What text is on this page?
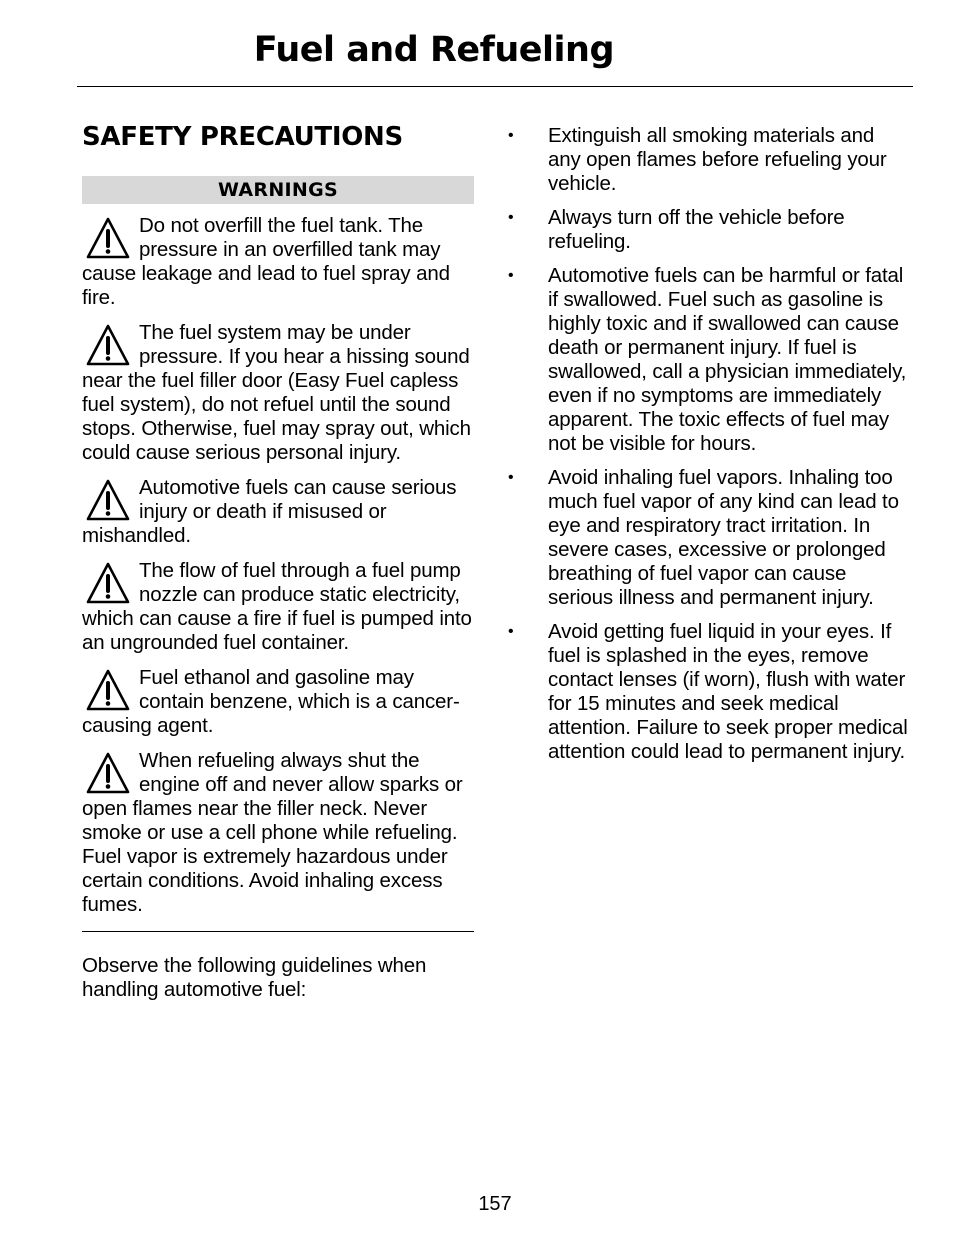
Fuel and Refueling
SAFETY PRECAUTIONS
WARNINGS
Do not overfill the fuel tank. The pressure in an overfilled tank may cause leakage and lead to fuel spray and fire.
The fuel system may be under pressure. If you hear a hissing sound near the fuel filler door (Easy Fuel capless fuel system), do not refuel until the sound stops. Otherwise, fuel may spray out, which could cause serious personal injury.
Automotive fuels can cause serious injury or death if misused or mishandled.
The flow of fuel through a fuel pump nozzle can produce static electricity, which can cause a fire if fuel is pumped into an ungrounded fuel container.
Fuel ethanol and gasoline may contain benzene, which is a cancer-causing agent.
When refueling always shut the engine off and never allow sparks or open flames near the filler neck. Never smoke or use a cell phone while refueling. Fuel vapor is extremely hazardous under certain conditions. Avoid inhaling excess fumes.

Observe the following guidelines when handling automotive fuel:

• Extinguish all smoking materials and any open flames before refueling your vehicle.
• Always turn off the vehicle before refueling.
• Automotive fuels can be harmful or fatal if swallowed. Fuel such as gasoline is highly toxic and if swallowed can cause death or permanent injury. If fuel is swallowed, call a physician immediately, even if no symptoms are immediately apparent. The toxic effects of fuel may not be visible for hours.
• Avoid inhaling fuel vapors. Inhaling too much fuel vapor of any kind can lead to eye and respiratory tract irritation. In severe cases, excessive or prolonged breathing of fuel vapor can cause serious illness and permanent injury.
• Avoid getting fuel liquid in your eyes. If fuel is splashed in the eyes, remove contact lenses (if worn), flush with water for 15 minutes and seek medical attention. Failure to seek proper medical attention could lead to permanent injury.
157
